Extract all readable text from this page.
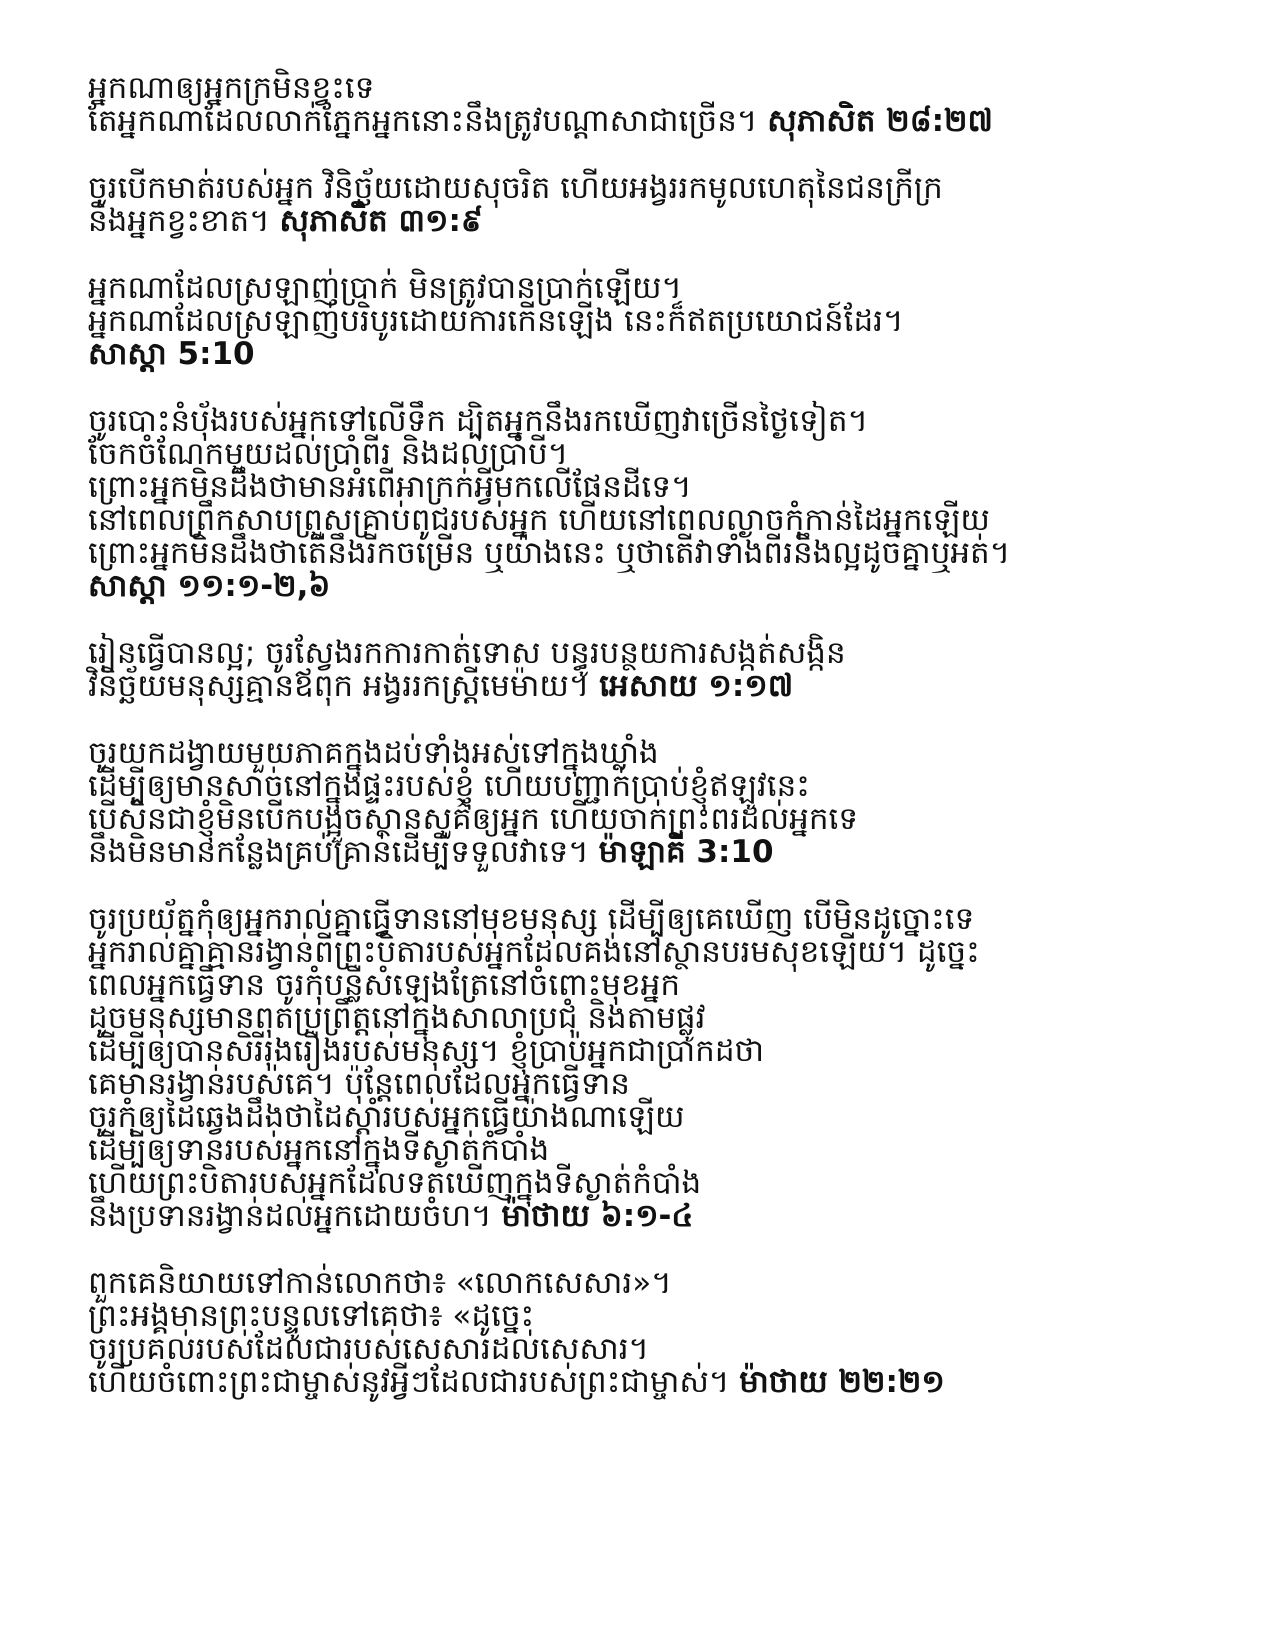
អ្នកណាឲ្យអ្នកក្រមិនខ្វះទេ
តែអ្នកណាដែលលាក់ភ្នែកអ្នកនោះនឹងត្រូវបណ្ដាសាជាច្រើន។ សុភាសិត ២៨:២៧
ចូរបើកមាត់របស់អ្នក វិនិច្ឆ័យដោយសុចរិត ហើយអង្វររកមូលហេតុនៃជនក្រីក្រ
និងអ្នកខ្វះខាត។ សុភាសិត ៣១:៩
អ្នកណាដែលស្រឡាញ់ប្រាក់ មិនត្រូវបានប្រាក់ឡើយ។
អ្នកណាដែលស្រឡាញ់បរិបូរដោយការកើនឡើង នេះក៏ឥតប្រយោជន៍ដែរ។
សាស្ដា 5:10
ចូរបោះនំប៉័ងរបស់អ្នកទៅលើទឹក ដ្បិតអ្នកនឹងរកឃើញវាច្រើនថ្ងៃទៀត។
ចែកចំណែកមួយដល់ប្រាំពីរ និងដល់ប្រាំបី។
ព្រោះអ្នកមិនដឹងថាមានអំពើអាក្រក់អ្វីមកលើផែនដីទេ។
នៅពេលព្រឹកសាបព្រួសគ្រាប់ពូជរបស់អ្នក ហើយនៅពេលល្ងាចកុំកាន់ដៃអ្នកឡើយ
ព្រោះអ្នកមិនដឹងថាតើនឹងរីកចម្រើន ឬយ៉ាងនេះ ឬថាតើវាទាំងពីរនឹងល្អដូចគ្នាឬអត់។
សាស្ដា ១១:១-២,៦
រៀនធ្វើបានល្អ; ចូរស្វែងរកការកាត់ទោស បន្ធូរបន្ថយការសង្កត់សង្កិន
វិនិច្ឆ័យមនុស្សគ្មានឪពុក អង្វររកស្ត្រីមេម៉ាយ។ អេសាយ ១:១៧
ចូរយកដង្វាយមួយភាគក្នុងដប់ទាំងអស់ទៅក្នុងឃ្លាំង
ដើម្បីឲ្យមានសាច់នៅក្នុងផ្ទះរបស់ខ្ញុំ ហើយបញ្ជាក់ប្រាប់ខ្ញុំឥឡូវនេះ
បើសិនជាខ្ញុំមិនបើកបង្អួចស្ថានសួគ៌ឲ្យអ្នក ហើយចាក់ព្រះពរដល់អ្នកទេ
នឹងមិនមានកន្លែងគ្រប់គ្រាន់ដើម្បីទទួលវាទេ។ ម៉ាឡាគី 3:10
ចូរប្រយ័ត្នកុំឲ្យអ្នករាល់គ្នាធ្វើទាននៅមុខមនុស្ស ដើម្បីឲ្យគេឃើញ បើមិនដូច្នោះទេ
អ្នករាល់គ្នាគ្មានរង្វាន់ពីព្រះបិតារបស់អ្នកដែលគង់នៅស្ថានបរមសុខឡើយ។ ដូច្នេះ
ពេលអ្នកធ្វើទាន ចូរកុំបន្លឺសំឡេងត្រែនៅចំពោះមុខអ្នក
ដូចមនុស្សមានពុតប្រព្រឹត្តនៅក្នុងសាលាប្រជុំ និងតាមផ្លូវ
ដើម្បីឲ្យបានសិរីរុងរឿងរបស់មនុស្ស។ ខ្ញុំប្រាប់អ្នកជាប្រាកដថា
គេមានរង្វាន់របស់គេ។ ប៉ុន្តែពេលដែលអ្នកធ្វើទាន
ចូរកុំឲ្យដៃឆ្វេងដឹងថាដៃស្ដាំរបស់អ្នកធ្វើយ៉ាងណាឡើយ
ដើម្បីឲ្យទានរបស់អ្នកនៅក្នុងទីស្ងាត់កំបាំង
ហើយព្រះបិតារបស់អ្នកដែលទតឃើញក្នុងទីស្ងាត់កំបាំង
នឹងប្រទានរង្វាន់ដល់អ្នកដោយចំហ។ ម៉ាថាយ ៦:១-៤
ពួកគេនិយាយទៅកាន់លោកថា៖ «លោកសេសារ»។
ព្រះអង្គមានព្រះបន្ទូលទៅគេថា៖ «ដូច្នេះ
ចូរប្រគល់របស់ដែលជារបស់សេសារដល់សេសារ។
ហើយចំពោះព្រះជាម្ចាស់នូវអ្វីៗដែលជារបស់ព្រះជាម្ចាស់។ ម៉ាថាយ ២២:២១
